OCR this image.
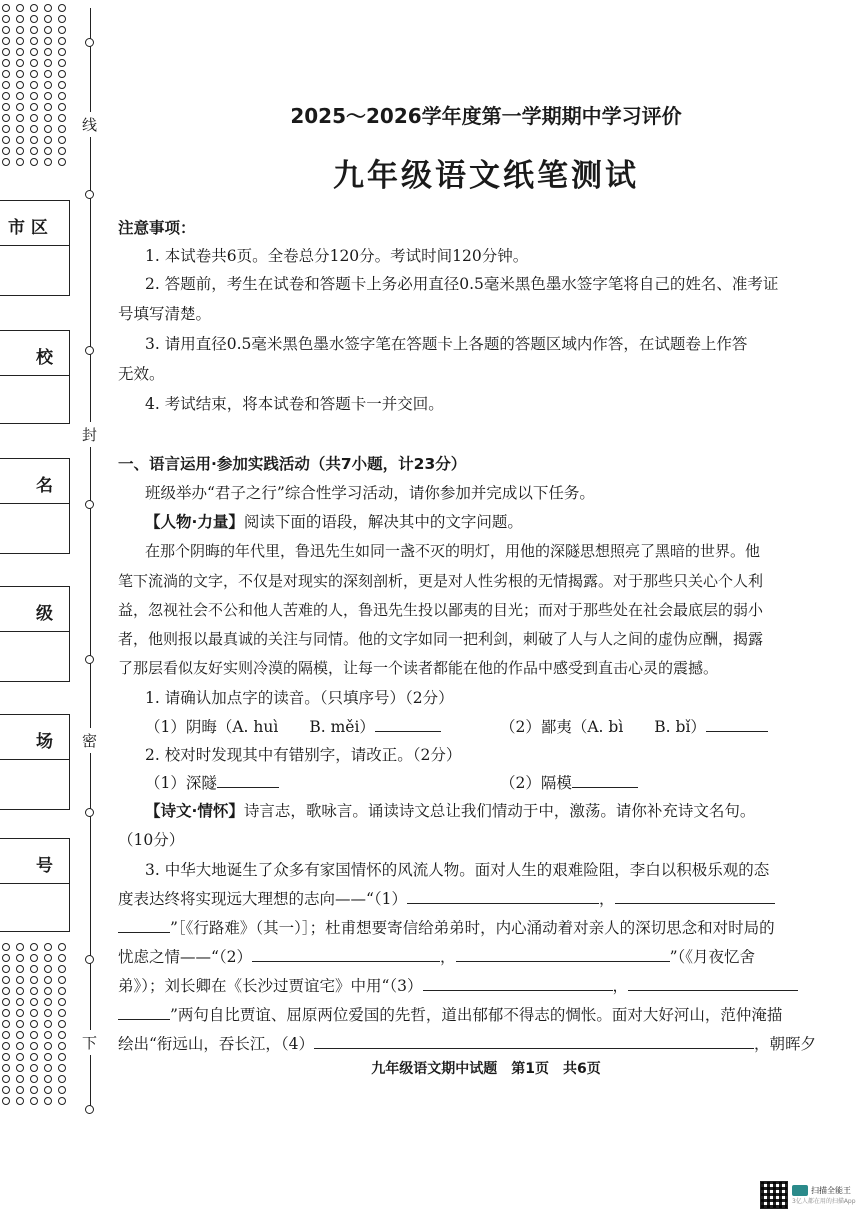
市 区
校
名
级
场
号
线
封
密
下
2025～2026学年度第一学期期中学习评价
九年级语文纸笔测试
注意事项：
1. 本试卷共6页。全卷总分120分。考试时间120分钟。
2. 答题前，考生在试卷和答题卡上务必用直径0.5毫米黑色墨水签字笔将自己的姓名、准考证
号填写清楚。
3. 请用直径0.5毫米黑色墨水签字笔在答题卡上各题的答题区域内作答，在试题卷上作答
无效。
4. 考试结束，将本试卷和答题卡一并交回。
一、语言运用·参加实践活动（共7小题，计23分）
班级举办“君子之行”综合性学习活动，请你参加并完成以下任务。
【人物·力量】阅读下面的语段，解决其中的文字问题。
在那个阴晦的年代里，鲁迅先生如同一盏不灭的明灯，用他的深隧思想照亮了黑暗的世界。他
笔下流淌的文字，不仅是对现实的深刻剖析，更是对人性劣根的无情揭露。对于那些只关心个人利
益，忽视社会不公和他人苦难的人，鲁迅先生投以鄙夷的目光；而对于那些处在社会最底层的弱小
者，他则报以最真诚的关注与同情。他的文字如同一把利剑，刺破了人与人之间的虚伪应酬，揭露
了那层看似友好实则冷漠的隔模，让每一个读者都能在他的作品中感受到直击心灵的震撼。
1. 请确认加点字的读音。（只填序号）（2分）
（1）阴晦（A. huì　　B. měi）	（2）鄙夷（A. bì　　B. bǐ）
2. 校对时发现其中有错别字，请改正。（2分）
（1）深隧	（2）隔模
【诗文·情怀】诗言志，歌咏言。诵读诗文总让我们情动于中，激荡。请你补充诗文名句。
（10分）
3. 中华大地诞生了众多有家国情怀的风流人物。面对人生的艰难险阻，李白以积极乐观的态
度表达终将实现远大理想的志向——“（1）	，
”［《行路难》（其一）］；杜甫想要寄信给弟弟时，内心涌动着对亲人的深切思念和对时局的
忧虑之情——“（2）	，	”（《月夜忆舍
弟》）；刘长卿在《长沙过贾谊宅》中用“（3）	，
”两句自比贾谊、屈原两位爱国的先哲，道出郁郁不得志的惆怅。面对大好河山，范仲淹描
绘出“衔远山，吞长江，（4）	，朝晖夕
九年级语文期中试题　第1页　共6页
扫描全能王
3亿人都在用的扫描App
